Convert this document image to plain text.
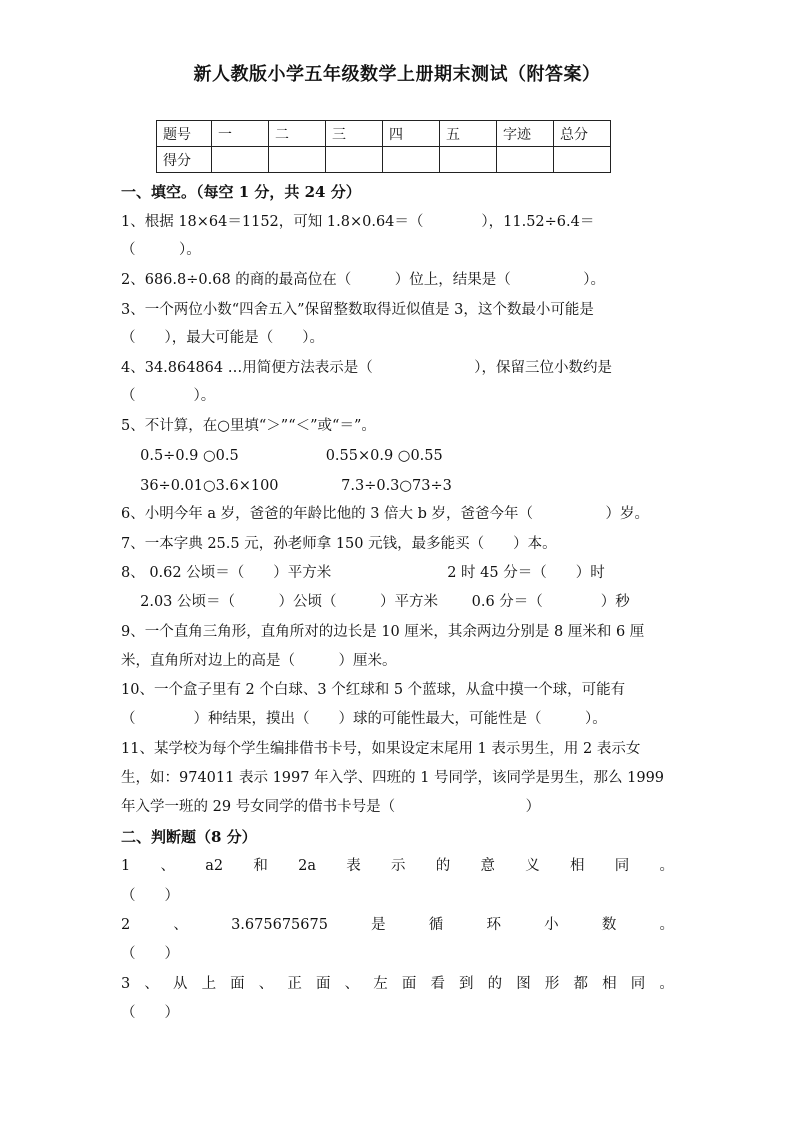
新人教版小学五年级数学上册期末测试（附答案）
题号	一	二	三	四	五	字迹	总分
得分							
一、填空。（每空 1 分，共 24 分）
1、根据 18×64＝1152，可知 1.8×0.64＝（　　　　），11.52÷6.4＝
（　　　）。
2、686.8÷0.68 的商的最高位在（　　　）位上，结果是（　　　　　）。
3、一个两位小数“四舍五入”保留整数取得近似值是 3，这个数最小可能是
（　　），最大可能是（　　）。
4、34.864864 …用简便方法表示是（　　　　　　　），保留三位小数约是
（　　　　）。
5、不计算，在○里填“＞”“＜”或“＝”。
　 0.5÷0.9 ○0.5　　　　　　0.55×0.9 ○0.55
　 36÷0.01○3.6×100　　　　 7.3÷0.3○73÷3
6、小明今年 a 岁，爸爸的年龄比他的 3 倍大 b 岁，爸爸今年（　　　　　）岁。
7、一本字典 25.5 元，孙老师拿 150 元钱，最多能买（　　）本。
8、 0.62 公顷＝（　　）平方米　　　　　　　　2 时 45 分＝（　　）时
　 2.03 公顷＝（　　　）公顷（　　　）平方米　　 0.6 分＝（　　　　）秒
9、一个直角三角形，直角所对的边长是 10 厘米，其余两边分别是 8 厘米和 6 厘
米，直角所对边上的高是（　　　）厘米。
10、一个盒子里有 2 个白球、3 个红球和 5 个蓝球，从盒中摸一个球，可能有
（　　　　）种结果，摸出（　　）球的可能性最大，可能性是（　　　）。
11、某学校为每个学生编排借书卡号，如果设定末尾用 1 表示男生，用 2 表示女
生，如：974011 表示 1997 年入学、四班的 1 号同学，该同学是男生，那么 1999
年入学一班的 29 号女同学的借书卡号是（　　　　　　　　　）
二、判断题（8 分）
1 、 a2 和 2a 表 示 的 意 义 相 同 。
（　　）
2	、	3.675675675	是	循	环	小	数	。
（　　）
3 、 从 上 面 、 正 面 、 左 面 看 到 的 图 形 都 相 同 。
（　　）
